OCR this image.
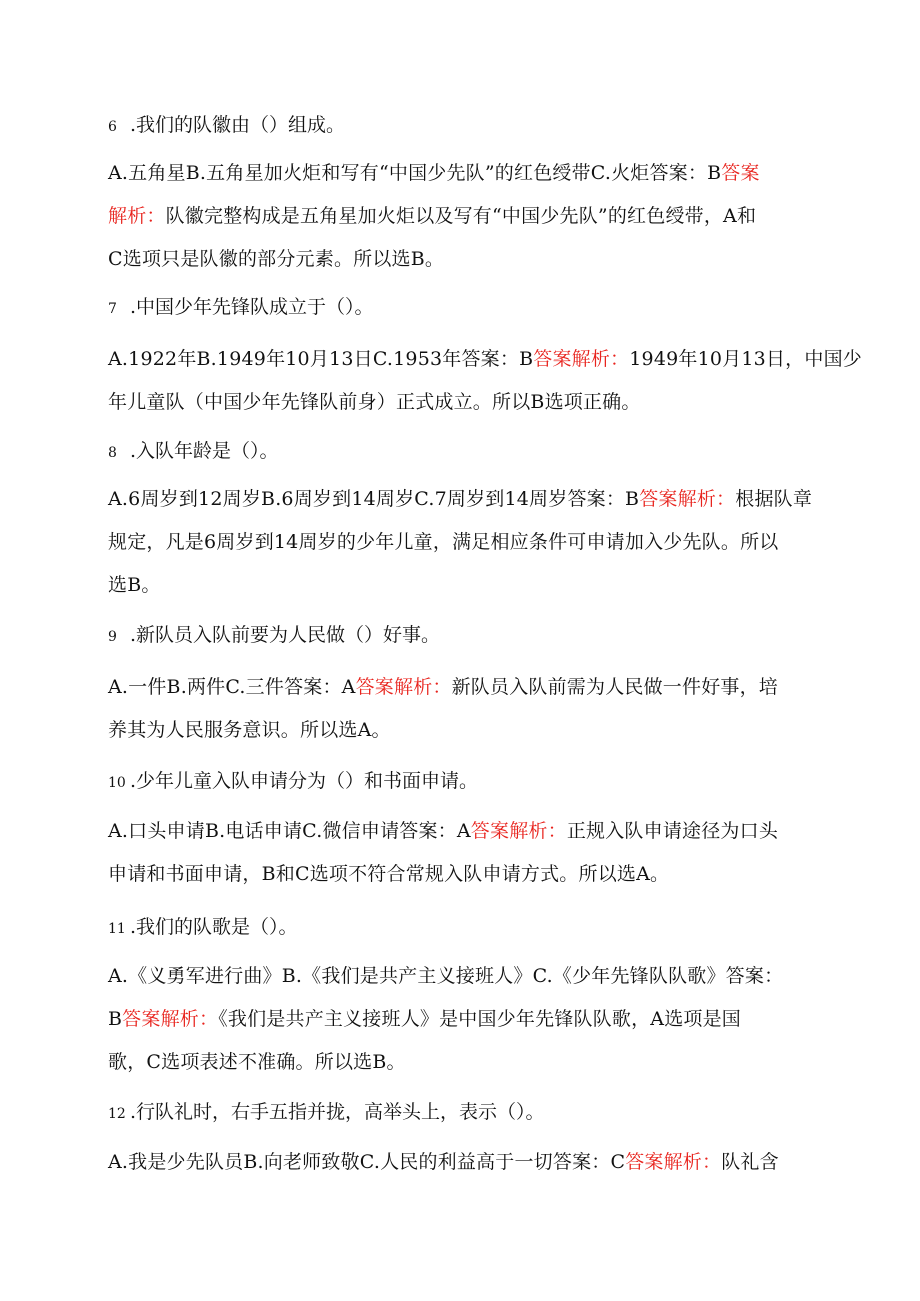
6 .我们的队徽由（）组成。
A.五角星B.五角星加火炬和写有“中国少先队”的红色绶带C.火炬答案：B答案
解析：队徽完整构成是五角星加火炬以及写有“中国少先队”的红色绶带，A和
C选项只是队徽的部分元素。所以选B。
7 .中国少年先锋队成立于（）。
A.1922年B.1949年10月13日C.1953年答案：B答案解析：1949年10月13日，中国少
年儿童队（中国少年先锋队前身）正式成立。所以B选项正确。
8 .入队年龄是（）。
A.6周岁到12周岁B.6周岁到14周岁C.7周岁到14周岁答案：B答案解析：根据队章
规定，凡是6周岁到14周岁的少年儿童，满足相应条件可申请加入少先队。所以
选B。
9 .新队员入队前要为人民做（）好事。
A.一件B.两件C.三件答案：A答案解析：新队员入队前需为人民做一件好事，培
养其为人民服务意识。所以选A。
10 .少年儿童入队申请分为（）和书面申请。
A.口头申请B.电话申请C.微信申请答案：A答案解析：正规入队申请途径为口头
申请和书面申请，B和C选项不符合常规入队申请方式。所以选A。
11 .我们的队歌是（）。
A.《义勇军进行曲》B.《我们是共产主义接班人》C.《少年先锋队队歌》答案：
B答案解析：《我们是共产主义接班人》是中国少年先锋队队歌，A选项是国
歌，C选项表述不准确。所以选B。
12 .行队礼时，右手五指并拢，高举头上，表示（）。
A.我是少先队员B.向老师致敬C.人民的利益高于一切答案：C答案解析：队礼含
